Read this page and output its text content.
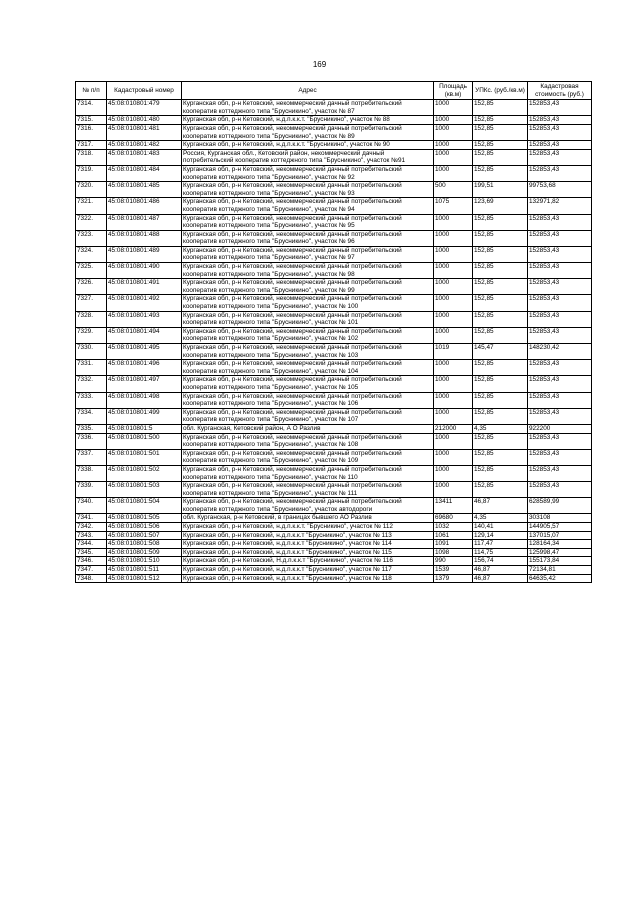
169
№ п/п	Кадастровый номер	Адрес	Площадь (кв.м)	УПКс. (руб./кв.м)	Кадастровая стоимость (руб.)
7314.	45:08:010801:479	Курганская обл, р-н Кетовский, некоммерческий дачный потребительский кооператив коттеджного типа "Брусникино", участок № 87	1000	152,85	152853,43
7315.	45:08:010801:480	Курганская обл, р-н Кетовский, н.д.п.к.к.т. "Брусникино", участок № 88	1000	152,85	152853,43
7316.	45:08:010801:481	Курганская обл, р-н Кетовский, некоммерческий дачный потребительский кооператив коттеджного типа "Брусникино", участок № 89	1000	152,85	152853,43
7317.	45:08:010801:482	Курганская обл, р-н Кетовский, н.д.п.к.к.т. "Брусникино", участок № 90	1000	152,85	152853,43
7318.	45:08:010801:483	Россия, Курганская обл., Кетовский район, некоммерческий дачный потребительский кооператив коттеджного типа "Брусникино", участок №91	1000	152,85	152853,43
7319.	45:08:010801:484	Курганская обл, р-н Кетовский, некоммерческий дачный потребительский кооператив коттеджного типа "Брусникино", участок № 92	1000	152,85	152853,43
7320.	45:08:010801:485	Курганская обл, р-н Кетовский, некоммерческий дачный потребительский кооператив коттеджного типа "Брусникино", участок № 93	500	199,51	99753,68
7321.	45:08:010801:486	Курганская обл, р-н Кетовский, некоммерческий дачный потребительский кооператив коттеджного типа "Брусникино", участок № 94	1075	123,69	132971,82
7322.	45:08:010801:487	Курганская обл, р-н Кетовский, некоммерческий дачный потребительский кооператив коттеджного типа "Брусникино", участок № 95	1000	152,85	152853,43
7323.	45:08:010801:488	Курганская обл, р-н Кетовский, некоммерческий дачный потребительский кооператив коттеджного типа "Брусникино", участок № 96	1000	152,85	152853,43
7324.	45:08:010801:489	Курганская обл, р-н Кетовский, некоммерческий дачный потребительский кооператив коттеджного типа "Брусникино", участок № 97	1000	152,85	152853,43
7325.	45:08:010801:490	Курганская обл, р-н Кетовский, некоммерческий дачный потребительский кооператив коттеджного типа "Брусникино", участок № 98	1000	152,85	152853,43
7326.	45:08:010801:491	Курганская обл, р-н Кетовский, некоммерческий дачный потребительский кооператив коттеджного типа "Брусникино", участок № 99	1000	152,85	152853,43
7327.	45:08:010801:492	Курганская обл, р-н Кетовский, некоммерческий дачный потребительский кооператив коттеджного типа "Брусникино", участок № 100	1000	152,85	152853,43
7328.	45:08:010801:493	Курганская обл, р-н Кетовский, некоммерческий дачный потребительский кооператив коттеджного типа "Брусникино", участок № 101	1000	152,85	152853,43
7329.	45:08:010801:494	Курганская обл, р-н Кетовский, некоммерческий дачный потребительский кооператив коттеджного типа "Брусникино", участок № 102	1000	152,85	152853,43
7330.	45:08:010801:495	Курганская обл, р-н Кетовский, некоммерческий дачный потребительский кооператив коттеджного типа "Брусникино", участок № 103	1019	145,47	148230,42
7331.	45:08:010801:496	Курганская обл, р-н Кетовский, некоммерческий дачный потребительский кооператив коттеджного типа "Брусникино", участок № 104	1000	152,85	152853,43
7332.	45:08:010801:497	Курганская обл, р-н Кетовский, некоммерческий дачный потребительский кооператив коттеджного типа "Брусникино", участок № 105	1000	152,85	152853,43
7333.	45:08:010801:498	Курганская обл, р-н Кетовский, некоммерческий дачный потребительский кооператив коттеджного типа "Брусникино", участок № 106	1000	152,85	152853,43
7334.	45:08:010801:499	Курганская обл, р-н Кетовский, некоммерческий дачный потребительский кооператив коттеджного типа "Брусникино", участок № 107	1000	152,85	152853,43
7335.	45:08:010801:5	обл. Курганская, Кетовский район, А О Разлив	212000	4,35	922200
7336.	45:08:010801:500	Курганская обл, р-н Кетовский, некоммерческий дачный потребительский кооператив коттеджного типа "Брусникино", участок № 108	1000	152,85	152853,43
7337.	45:08:010801:501	Курганская обл, р-н Кетовский, некоммерческий дачный потребительский кооператив коттеджного типа "Брусникино", участок № 109	1000	152,85	152853,43
7338.	45:08:010801:502	Курганская обл, р-н Кетовский, некоммерческий дачный потребительский кооператив коттеджного типа "Брусникино", участок № 110	1000	152,85	152853,43
7339.	45:08:010801:503	Курганская обл, р-н Кетовский, некоммерческий дачный потребительский кооператив коттеджного типа "Брусникино", участок № 111	1000	152,85	152853,43
7340.	45:08:010801:504	Курганская обл, р-н Кетовский, некоммерческий дачный потребительский кооператив коттеджного типа "Брусникино", участок автодороги	13411	46,87	628589,99
7341.	45:08:010801:505	обл. Курганская, р-н Кетовский, в границах бывшего АО Разлив	69680	4,35	303108
7342.	45:08:010801:506	Курганская обл, р-н Кетовский, н.д.п.к.к.т. "Брусникино", участок № 112	1032	140,41	144905,57
7343.	45:08:010801:507	Курганская обл, р-н Кетовский, н.д.п.к.к.т "Брусникино", участок № 113	1061	129,14	137015,07
7344.	45:08:010801:508	Курганская обл, р-н Кетовский, н.д.п.к.к.т "Брусникино", участок № 114	1091	117,47	128164,34
7345.	45:08:010801:509	Курганская обл, р-н Кетовский, н.д.п.к.к.т "Брусникино", участок № 115	1098	114,75	125998,47
7346.	45:08:010801:510	Курганская обл, р-н Кетовский, Н.д.п.к.к.т "Брусникино", участок № 116	990	156,74	155173,84
7347.	45:08:010801:511	Курганская обл, р-н Кетовский, н.д.п.к.к.т "Брусникино", участок № 117	1539	46,87	72134,81
7348.	45:08:010801:512	Курганская обл, р-н Кетовский, н.д.п.к.к.т "Брусникино", участок № 118	1379	46,87	64635,42
